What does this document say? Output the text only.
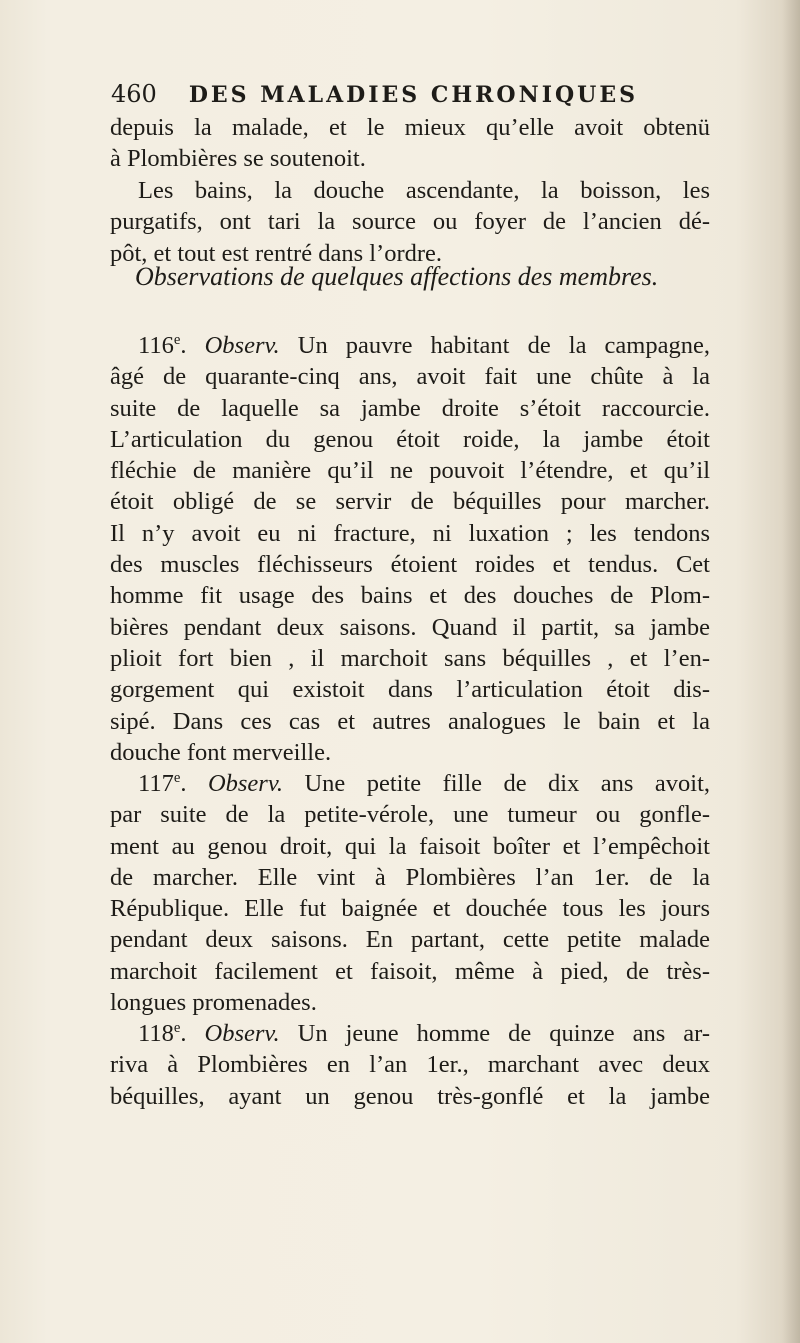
460 DES MALADIES CHRONIQUES
depuis la malade, et le mieux qu’elle avoit obtenü
à Plombières se soutenoit.
Les bains, la douche ascendante, la boisson, les
purgatifs, ont tari la source ou foyer de l’ancien dé-
pôt, et tout est rentré dans l’ordre.
Observations de quelques affections des membres.
116e. Observ. Un pauvre habitant de la campagne,
âgé de quarante-cinq ans, avoit fait une chûte à la
suite de laquelle sa jambe droite s’étoit raccourcie.
L’articulation du genou étoit roide, la jambe étoit
fléchie de manière qu’il ne pouvoit l’étendre, et qu’il
étoit obligé de se servir de béquilles pour marcher.
Il n’y avoit eu ni fracture, ni luxation ; les tendons
des muscles fléchisseurs étoient roides et tendus. Cet
homme fit usage des bains et des douches de Plom-
bières pendant deux saisons. Quand il partit, sa jambe
plioit fort bien , il marchoit sans béquilles , et l’en-
gorgement qui existoit dans l’articulation étoit dis-
sipé. Dans ces cas et autres analogues le bain et la
douche font merveille.
117e. Observ. Une petite fille de dix ans avoit,
par suite de la petite-vérole, une tumeur ou gonfle-
ment au genou droit, qui la faisoit boîter et l’empêchoit
de marcher. Elle vint à Plombières l’an 1er. de la
République. Elle fut baignée et douchée tous les jours
pendant deux saisons. En partant, cette petite malade
marchoit facilement et faisoit, même à pied, de très-
longues promenades.
118e. Observ. Un jeune homme de quinze ans ar-
riva à Plombières en l’an 1er., marchant avec deux
béquilles, ayant un genou très-gonflé et la jambe
